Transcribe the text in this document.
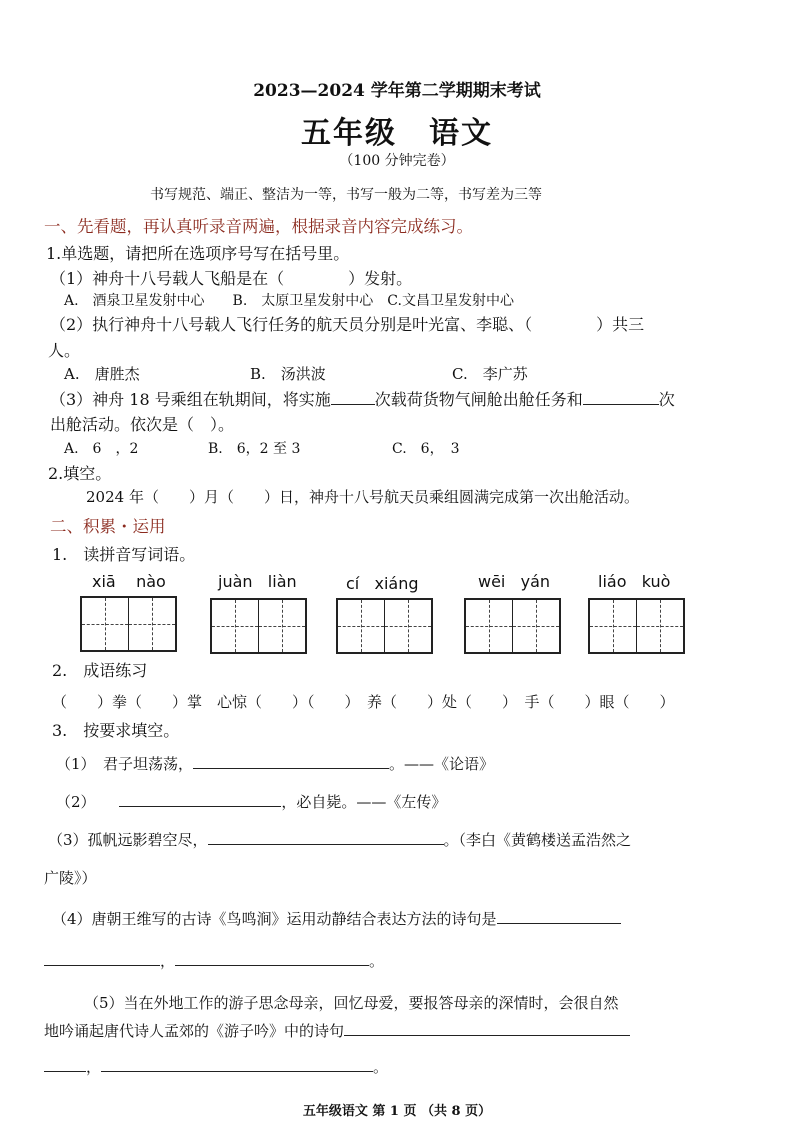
2023—2024 学年第二学期期末考试
五年级　语文
（100 分钟完卷）
书写规范、端正、整洁为一等，书写一般为二等，书写差为三等
一、先看题，再认真听录音两遍，根据录音内容完成练习。
1.单选题，请把所在选项序号写在括号里。
（1）神舟十八号载人飞船是在（　　　　）发射。
A.　酒泉卫星发射中心　　B.　太原卫星发射中心　C.文昌卫星发射中心
（2）执行神舟十八号载人飞行任务的航天员分别是叶光富、李聪、（　　　　）共三
人。
A.　唐胜杰	B.　汤洪波	C.　李广苏
（3）神舟 18 号乘组在轨期间，将实施	次载荷货物气闸舱出舱任务和	次
出舱活动。依次是（　）。
A.　6　，2	B.　6，2 至 3	C.　6，　3
2.填空。
2024 年（　　）月（　　）日，神舟十八号航天员乘组圆满完成第一次出舱活动。
二、积累・运用
1.　读拼音写词语。
xiā nào	juàn liàn	cí xiáng	wēi yán	liáo kuò
2.　成语练习
（　　）拳（　　）掌　心惊（　　）（　　）　养（　　）处（　　）　手（　　）眼（　　）
3.　按要求填空。
（1）　君子坦荡荡，	。——《论语》
（2）	，必自毙。——《左传》
（3）孤帆远影碧空尽，	。（李白《黄鹤楼送孟浩然之
广陵》）
（4）唐朝王维写的古诗《鸟鸣涧》运用动静结合表达方法的诗句是
，	。
（5）当在外地工作的游子思念母亲，回忆母爱，要报答母亲的深情时，会很自然
地吟诵起唐代诗人孟郊的《游子吟》中的诗句
，	。
五年级语文 第 1 页 （共 8 页）
